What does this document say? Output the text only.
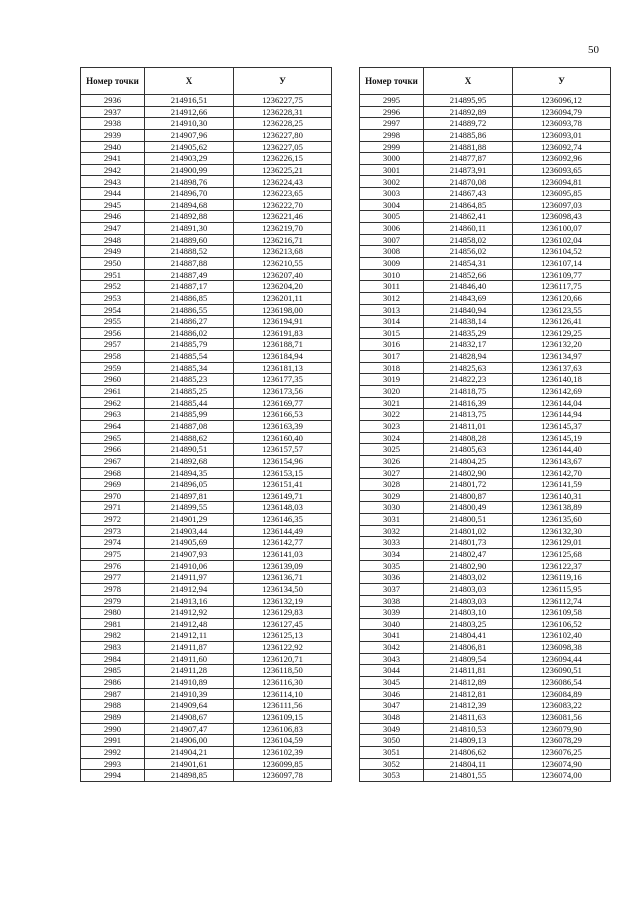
50
Номер точки	X	У
2936	214916,51	1236227,75
2937	214912,66	1236228,31
2938	214910,30	1236228,25
2939	214907,96	1236227,80
2940	214905,62	1236227,05
2941	214903,29	1236226,15
2942	214900,99	1236225,21
2943	214898,76	1236224,43
2944	214896,70	1236223,65
2945	214894,68	1236222,70
2946	214892,88	1236221,46
2947	214891,30	1236219,70
2948	214889,60	1236216,71
2949	214888,52	1236213,68
2950	214887,88	1236210,55
2951	214887,49	1236207,40
2952	214887,17	1236204,20
2953	214886,85	1236201,11
2954	214886,55	1236198,00
2955	214886,27	1236194,91
2956	214886,02	1236191,83
2957	214885,79	1236188,71
2958	214885,54	1236184,94
2959	214885,34	1236181,13
2960	214885,23	1236177,35
2961	214885,25	1236173,56
2962	214885,44	1236169,77
2963	214885,99	1236166,53
2964	214887,08	1236163,39
2965	214888,62	1236160,40
2966	214890,51	1236157,57
2967	214892,68	1236154,96
2968	214894,35	1236153,15
2969	214896,05	1236151,41
2970	214897,81	1236149,71
2971	214899,55	1236148,03
2972	214901,29	1236146,35
2973	214903,44	1236144,49
2974	214905,69	1236142,77
2975	214907,93	1236141,03
2976	214910,06	1236139,09
2977	214911,97	1236136,71
2978	214912,94	1236134,50
2979	214913,16	1236132,19
2980	214912,92	1236129,83
2981	214912,48	1236127,45
2982	214912,11	1236125,13
2983	214911,87	1236122,92
2984	214911,60	1236120,71
2985	214911,28	1236118,50
2986	214910,89	1236116,30
2987	214910,39	1236114,10
2988	214909,64	1236111,56
2989	214908,67	1236109,15
2990	214907,47	1236106,83
2991	214906,00	1236104,59
2992	214904,21	1236102,39
2993	214901,61	1236099,85
2994	214898,85	1236097,78
Номер точки	X	У
2995	214895,95	1236096,12
2996	214892,89	1236094,79
2997	214889,72	1236093,78
2998	214885,86	1236093,01
2999	214881,88	1236092,74
3000	214877,87	1236092,96
3001	214873,91	1236093,65
3002	214870,08	1236094,81
3003	214867,43	1236095,85
3004	214864,85	1236097,03
3005	214862,41	1236098,43
3006	214860,11	1236100,07
3007	214858,02	1236102,04
3008	214856,02	1236104,52
3009	214854,31	1236107,14
3010	214852,66	1236109,77
3011	214846,40	1236117,75
3012	214843,69	1236120,66
3013	214840,94	1236123,55
3014	214838,14	1236126,41
3015	214835,29	1236129,25
3016	214832,17	1236132,20
3017	214828,94	1236134,97
3018	214825,63	1236137,63
3019	214822,23	1236140,18
3020	214818,75	1236142,69
3021	214816,39	1236144,04
3022	214813,75	1236144,94
3023	214811,01	1236145,37
3024	214808,28	1236145,19
3025	214805,63	1236144,40
3026	214804,25	1236143,67
3027	214802,90	1236142,70
3028	214801,72	1236141,59
3029	214800,87	1236140,31
3030	214800,49	1236138,89
3031	214800,51	1236135,60
3032	214801,02	1236132,30
3033	214801,73	1236129,01
3034	214802,47	1236125,68
3035	214802,90	1236122,37
3036	214803,02	1236119,16
3037	214803,03	1236115,95
3038	214803,03	1236112,74
3039	214803,10	1236109,58
3040	214803,25	1236106,52
3041	214804,41	1236102,40
3042	214806,81	1236098,38
3043	214809,54	1236094,44
3044	214811,81	1236090,51
3045	214812,89	1236086,54
3046	214812,81	1236084,89
3047	214812,39	1236083,22
3048	214811,63	1236081,56
3049	214810,53	1236079,90
3050	214809,13	1236078,29
3051	214806,62	1236076,25
3052	214804,11	1236074,90
3053	214801,55	1236074,00
